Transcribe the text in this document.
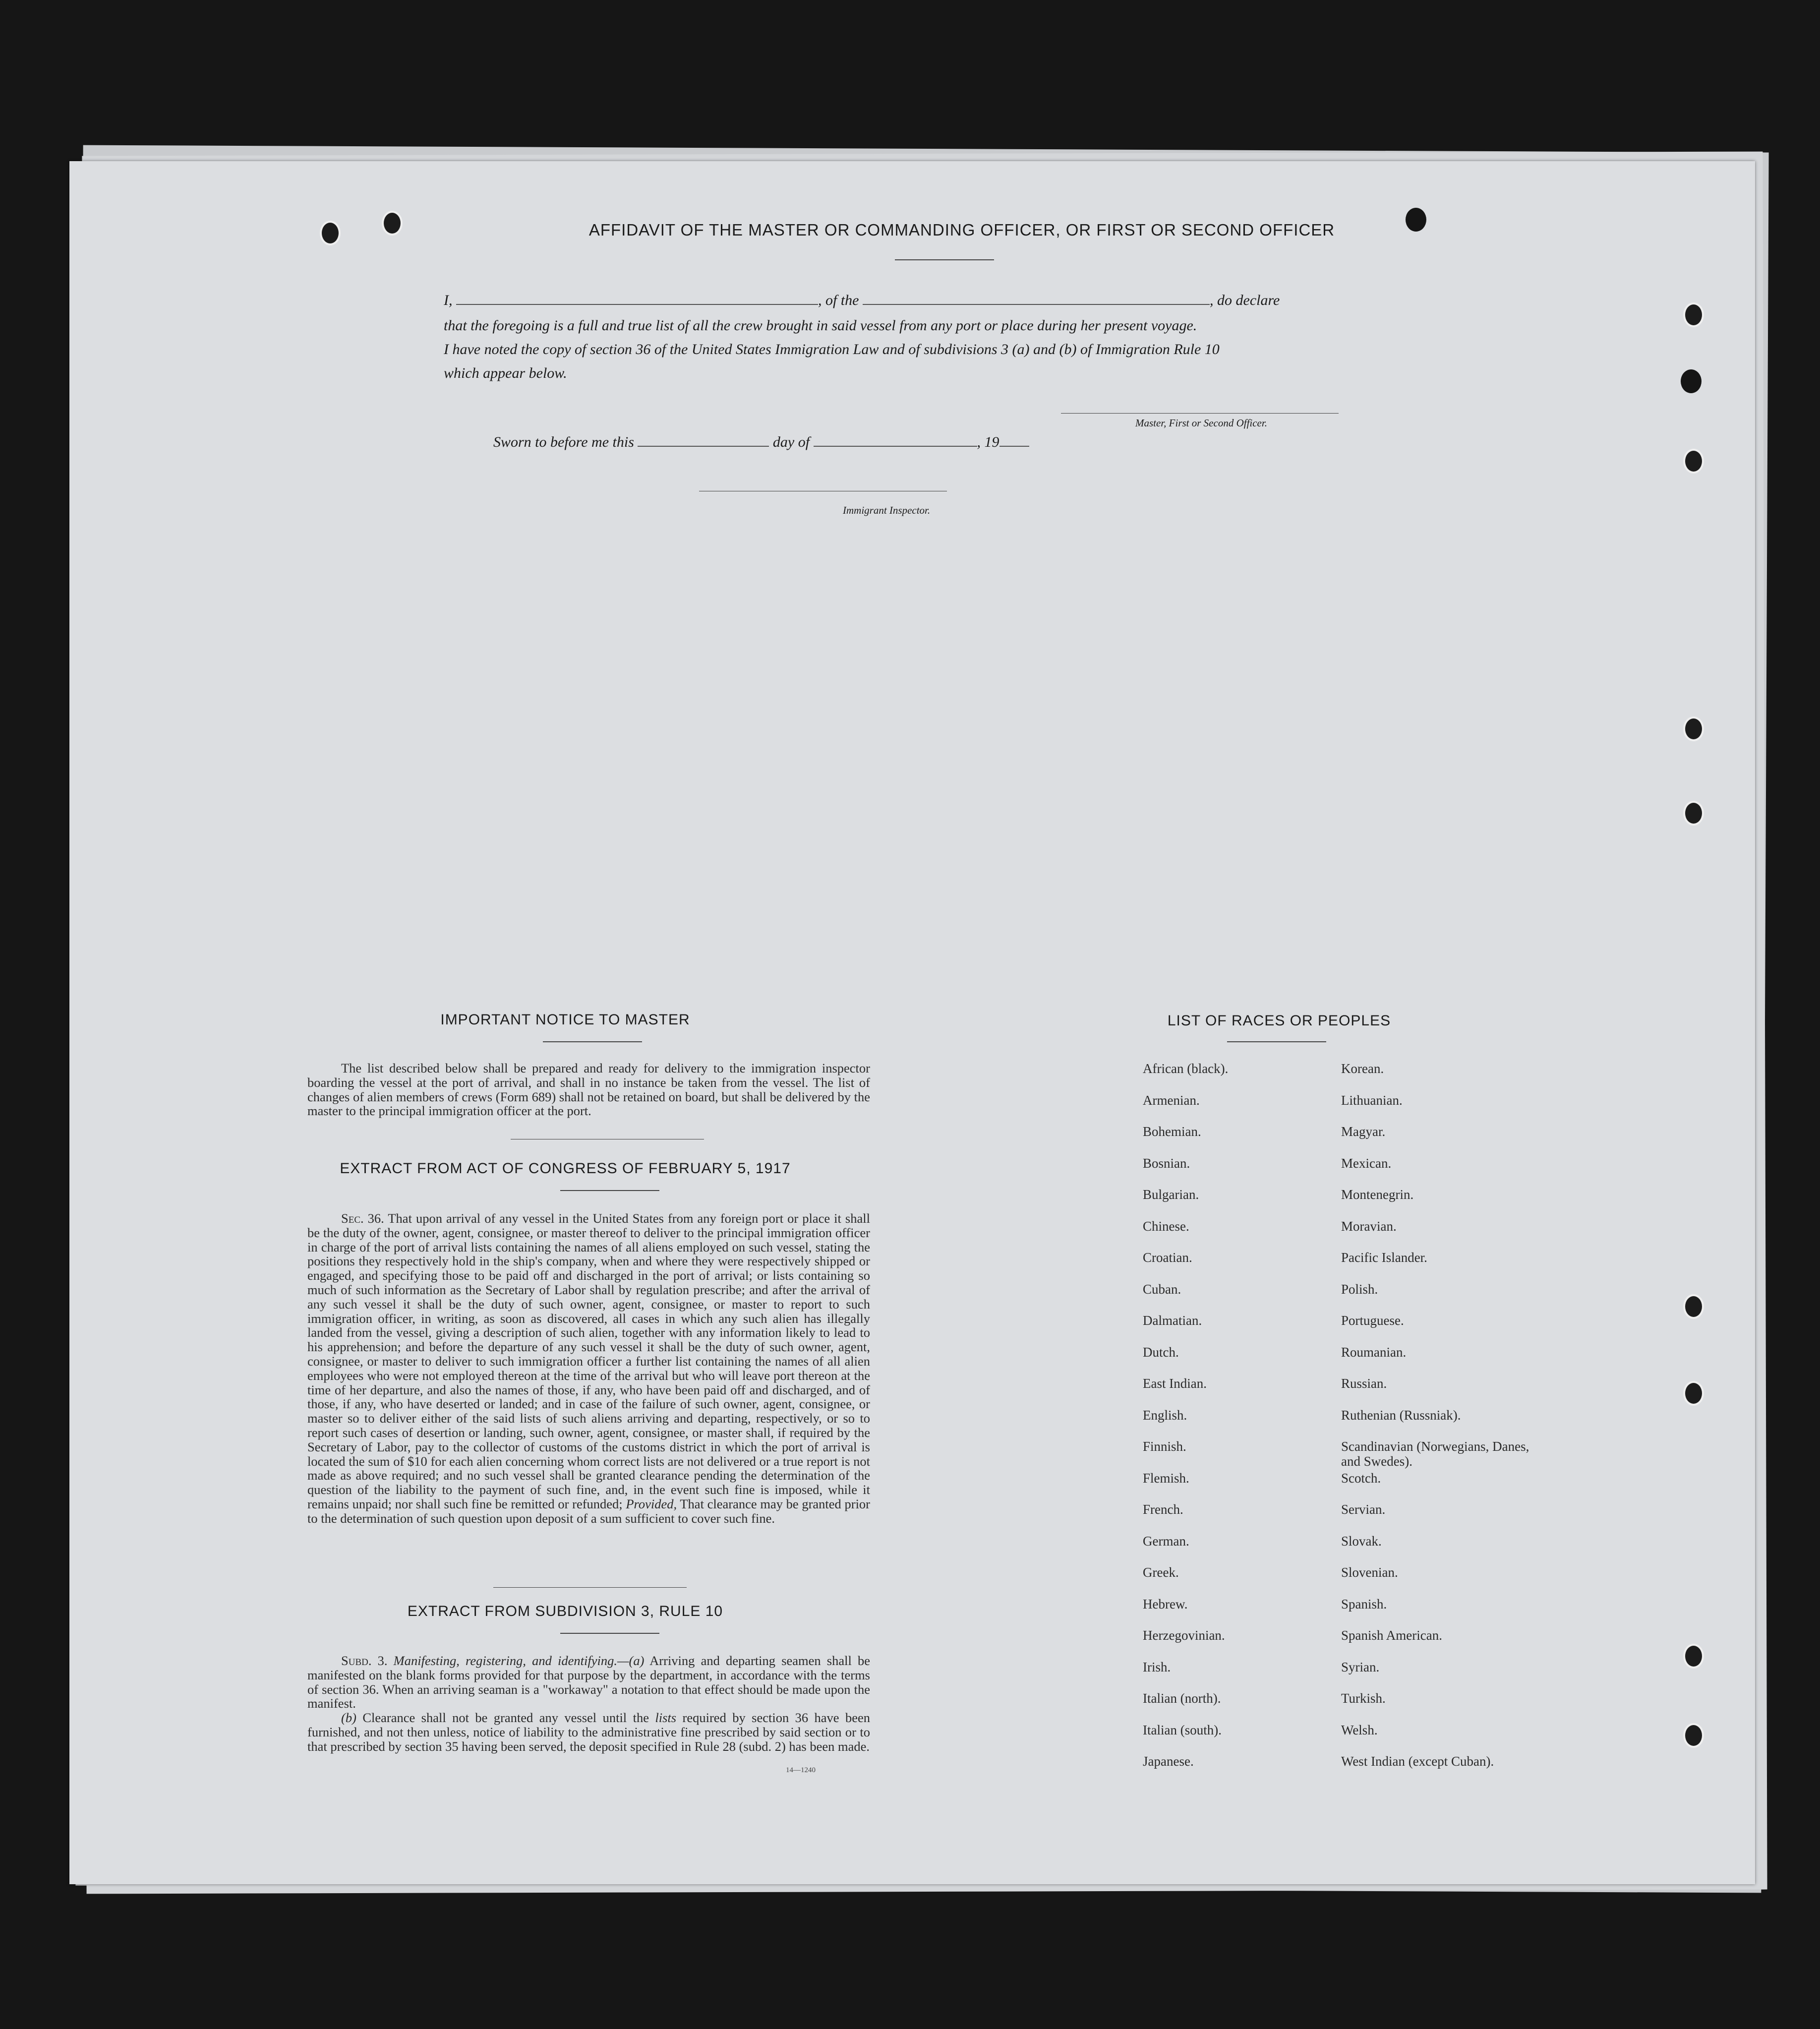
AFFIDAVIT OF THE MASTER OR COMMANDING OFFICER, OR FIRST OR SECOND OFFICER
I,	, of the	, do declare
that the foregoing is a full and true list of all the crew brought in said vessel from any port or place during her present voyage.
I have noted the copy of section 36 of the United States Immigration Law and of subdivisions 3 (a) and (b) of Immigration Rule 10
which appear below.
Master, First or Second Officer.
Sworn to before me this	day of	, 19
Immigrant Inspector.
IMPORTANT NOTICE TO MASTER
The list described below shall be prepared and ready for delivery to the immigration inspector boarding the vessel at the port of arrival, and shall in no instance be taken from the vessel. The list of changes of alien members of crews (Form 689) shall not be retained on board, but shall be delivered by the master to the principal immigration officer at the port.
EXTRACT FROM ACT OF CONGRESS OF FEBRUARY 5, 1917
Sec. 36. That upon arrival of any vessel in the United States from any foreign port or place it shall be the duty of the owner, agent, consignee, or master thereof to deliver to the principal immigration officer in charge of the port of arrival lists containing the names of all aliens employed on such vessel, stating the positions they respectively hold in the ship's company, when and where they were respectively shipped or engaged, and specifying those to be paid off and discharged in the port of arrival; or lists containing so much of such information as the Secretary of Labor shall by regulation prescribe; and after the arrival of any such vessel it shall be the duty of such owner, agent, consignee, or master to report to such immigration officer, in writing, as soon as discovered, all cases in which any such alien has illegally landed from the vessel, giving a description of such alien, together with any information likely to lead to his apprehension; and before the departure of any such vessel it shall be the duty of such owner, agent, consignee, or master to deliver to such immigration officer a further list containing the names of all alien employees who were not employed thereon at the time of the arrival but who will leave port thereon at the time of her departure, and also the names of those, if any, who have been paid off and discharged, and of those, if any, who have deserted or landed; and in case of the failure of such owner, agent, consignee, or master so to deliver either of the said lists of such aliens arriving and departing, respectively, or so to report such cases of desertion or landing, such owner, agent, consignee, or master shall, if required by the Secretary of Labor, pay to the collector of customs of the customs district in which the port of arrival is located the sum of $10 for each alien concerning whom correct lists are not delivered or a true report is not made as above required; and no such vessel shall be granted clearance pending the determination of the question of the liability to the payment of such fine, and, in the event such fine is imposed, while it remains unpaid; nor shall such fine be remitted or refunded; Provided, That clearance may be granted prior to the determination of such question upon deposit of a sum sufficient to cover such fine.
EXTRACT FROM SUBDIVISION 3, RULE 10

Subd. 3. Manifesting, registering, and identifying.—(a) Arriving and departing seamen shall be manifested on the blank forms provided for that purpose by the department, in accordance with the terms of section 36. When an arriving seaman is a "workaway" a notation to that effect should be made upon the manifest.

(b) Clearance shall not be granted any vessel until the lists required by section 36 have been furnished, and not then unless, notice of liability to the administrative fine prescribed by said section or to that prescribed by section 35 having been served, the deposit specified in Rule 28 (subd. 2) has been made.

14—1240
LIST OF RACES OR PEOPLES
African (black).
Armenian.
Bohemian.
Bosnian.
Bulgarian.
Chinese.
Croatian.
Cuban.
Dalmatian.
Dutch.
East Indian.
English.
Finnish.
Flemish.
French.
German.
Greek.
Hebrew.
Herzegovinian.
Irish.
Italian (north).
Italian (south).
Japanese.
Korean.
Lithuanian.
Magyar.
Mexican.
Montenegrin.
Moravian.
Pacific Islander.
Polish.
Portuguese.
Roumanian.
Russian.
Ruthenian (Russniak).
Scandinavian (Norwegians, Danes, and Swedes).
Scotch.
Servian.
Slovak.
Slovenian.
Spanish.
Spanish American.
Syrian.
Turkish.
Welsh.
West Indian (except Cuban).
